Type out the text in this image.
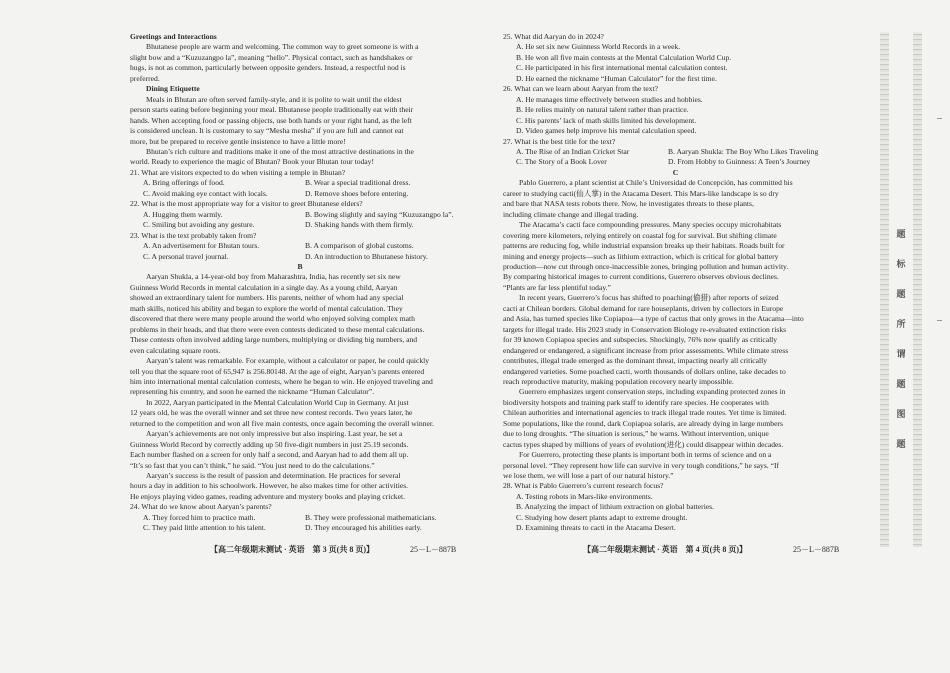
Greetings and Interactions

Bhutanese people are warm and welcoming. The common way to greet someone is with a

slight bow and a “Kuzuzangpo la”, meaning “hello”. Physical contact, such as handshakes or

hugs, is not as common, particularly between opposite genders. Instead, a respectful nod is

preferred.

Dining Etiquette

Meals in Bhutan are often served family-style, and it is polite to wait until the eldest

person starts eating before beginning your meal. Bhutanese people traditionally eat with their

hands. When accepting food or passing objects, use both hands or your right hand, as the left

is considered unclean. It is customary to say “Mesha mesha” if you are full and cannot eat

more, but be prepared to receive gentle insistence to have a little more!

Bhutan’s rich culture and traditions make it one of the most attractive destinations in the

world. Ready to experience the magic of Bhutan? Book your Bhutan tour today!

21. What are visitors expected to do when visiting a temple in Bhutan?

A. Bring offerings of food.	B. Wear a special traditional dress.
C. Avoid making eye contact with locals.	D. Remove shoes before entering.

22. What is the most appropriate way for a visitor to greet Bhutanese elders?

A. Hugging them warmly.	B. Bowing slightly and saying “Kuzuzangpo la”.
C. Smiling but avoiding any gesture.	D. Shaking hands with them firmly.

23. What is the text probably taken from?

A. An advertisement for Bhutan tours.	B. A comparison of global customs.
C. A personal travel journal.	D. An introduction to Bhutanese history.

B

Aaryan Shukla, a 14-year-old boy from Maharashtra, India, has recently set six new

Guinness World Records in mental calculation in a single day. As a young child, Aaryan

showed an extraordinary talent for numbers. His parents, neither of whom had any special

math skills, noticed his ability and began to explore the world of mental calculation. They

discovered that there were many people around the world who enjoyed solving complex math

problems in their heads, and that there were even contests dedicated to these mental calculations.

These contests often involved adding large numbers, multiplying or dividing big numbers, and

even calculating square roots.

Aaryan’s talent was remarkable. For example, without a calculator or paper, he could quickly

tell you that the square root of 65,947 is 256.80148. At the age of eight, Aaryan’s parents entered

him into international mental calculation contests, where he began to win. He enjoyed traveling and

representing his country, and soon he earned the nickname “Human Calculator”.

In 2022, Aaryan participated in the Mental Calculation World Cup in Germany. At just

12 years old, he was the overall winner and set three new contest records. Two years later, he

returned to the competition and won all five main contests, once again becoming the overall winner.

Aaryan’s achievements are not only impressive but also inspiring. Last year, he set a

Guinness World Record by correctly adding up 50 five-digit numbers in just 25.19 seconds.

Each number flashed on a screen for only half a second, and Aaryan had to add them all up.

“It’s so fast that you can’t think,” he said. “You just need to do the calculations.”

Aaryan’s success is the result of passion and determination. He practices for several

hours a day in addition to his schoolwork. However, he also makes time for other activities.

He enjoys playing video games, reading adventure and mystery books and playing cricket.

24. What do we know about Aaryan’s parents?

A. They forced him to practice math.	B. They were professional mathematicians.
C. They paid little attention to his talent.	D. They encouraged his abilities early.
【高二年级期末测试 · 英语　第 3 页(共 8 页)】	25－L－887B

25. What did Aaryan do in 2024?

A. He set six new Guinness World Records in a week.

B. He won all five main contests at the Mental Calculation World Cup.

C. He participated in his first international mental calculation contest.

D. He earned the nickname “Human Calculator” for the first time.

26. What can we learn about Aaryan from the text?

A. He manages time effectively between studies and hobbies.

B. He relies mainly on natural talent rather than practice.

C. His parents’ lack of math skills limited his development.

D. Video games help improve his mental calculation speed.

27. What is the best title for the text?

A. The Rise of an Indian Cricket Star	B. Aaryan Shukla: The Boy Who Likes Traveling
C. The Story of a Book Lover	D. From Hobby to Guinness: A Teen’s Journey

C

Pablo Guerrero, a plant scientist at Chile’s Universidad de Concepción, has committed his

career to studying cacti(仙人掌) in the Atacama Desert. This Mars-like landscape is so dry

and bare that NASA tests robots there. Now, he investigates threats to these plants,

including climate change and illegal trading.

The Atacama’s cacti face compounding pressures. Many species occupy microhabitats

covering mere kilometers, relying entirely on coastal fog for survival. But shifting climate

patterns are reducing fog, while industrial expansion breaks up their habitats. Roads built for

mining and energy projects—such as lithium extraction, which is critical for global battery

production—now cut through once-inaccessible zones, bringing pollution and human activity.

By comparing historical images to current conditions, Guerrero observes obvious declines.

“Plants are far less plentiful today.”

In recent years, Guerrero’s focus has shifted to poaching(偷猎) after reports of seized

cacti at Chilean borders. Global demand for rare houseplants, driven by collectors in Europe

and Asia, has turned species like Copiapoa—a type of cactus that only grows in the Atacama—into

targets for illegal trade. His 2023 study in Conservation Biology re-evaluated extinction risks

for 39 known Copiapoa species and subspecies. Shockingly, 76% now qualify as critically

endangered or endangered, a significant increase from prior assessments. While climate stress

contributes, illegal trade emerged as the dominant threat, impacting nearly all critically

endangered varieties. Some poached cacti, worth thousands of dollars online, take decades to

reach reproductive maturity, making population recovery nearly impossible.

Guerrero emphasizes urgent conservation steps, including expanding protected zones in

biodiversity hotspots and training park staff to identify rare species. He cooperates with

Chilean authorities and international agencies to track illegal trade routes. Yet time is limited.

Some populations, like the round, dark Copiapoa solaris, are already dying in large numbers

due to long droughts. “The situation is serious,” he warns. Without intervention, unique

cactus types shaped by millions of years of evolution(进化) could disappear within decades.

For Guerrero, protecting these plants is important both in terms of science and on a

personal level. “They represent how life can survive in very tough conditions,” he says. “If

we lose them, we will lose a part of our natural history.”

28. What is Pablo Guerrero’s current research focus?

A. Testing robots in Mars-like environments.

B. Analyzing the impact of lithium extraction on global batteries.

C. Studying how desert plants adapt to extreme drought.

D. Examining threats to cacti in the Atacama Desert.

【高二年级期末测试 · 英语　第 4 页(共 8 页)】	25－L－887B
题
标
题
所
谓
题
图
题
